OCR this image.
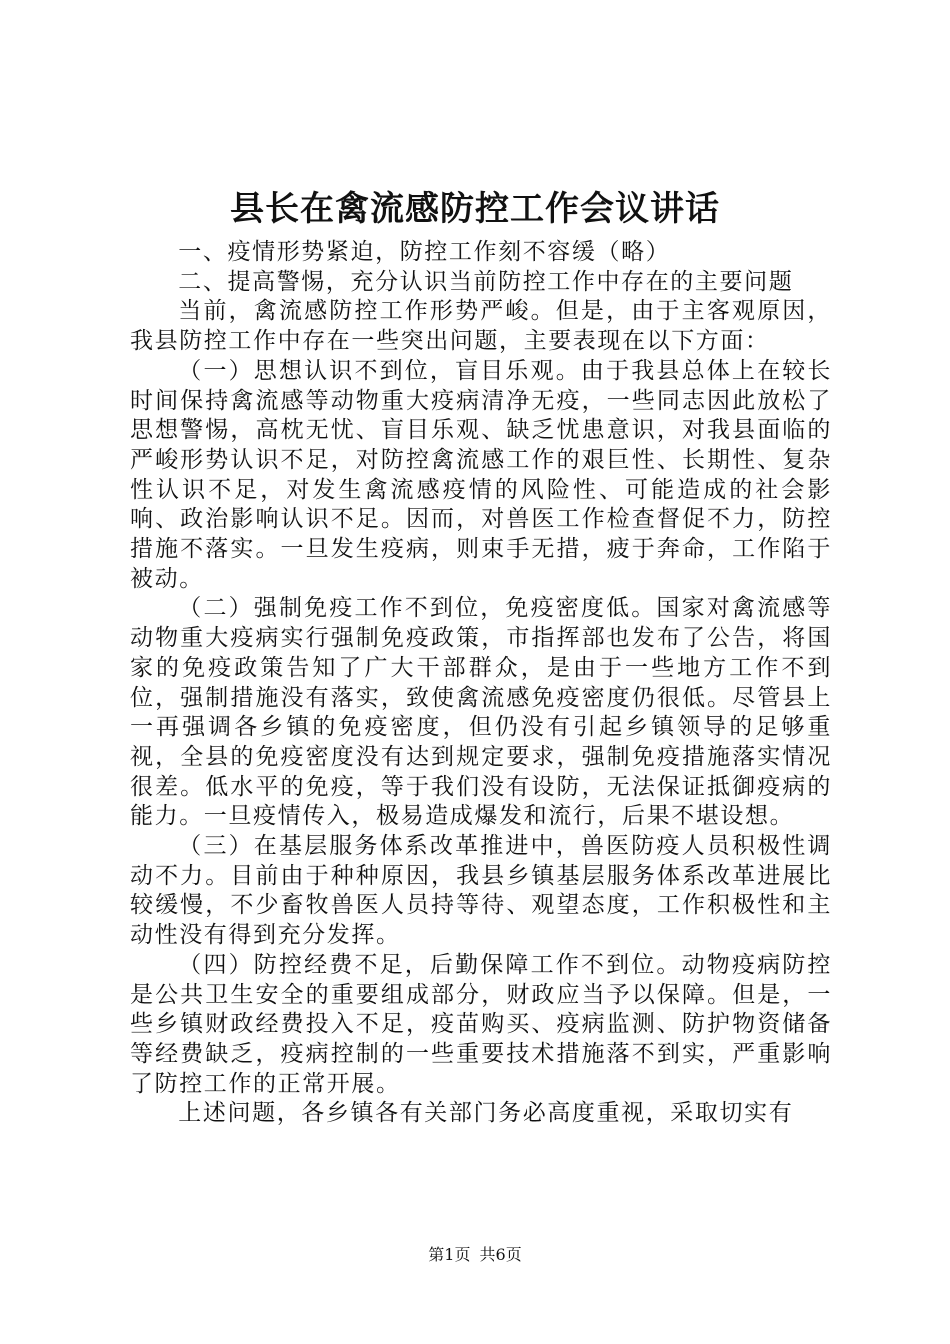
县长在禽流感防控工作会议讲话

一、疫情形势紧迫，防控工作刻不容缓（略）

二、提高警惕，充分认识当前防控工作中存在的主要问题

当前，禽流感防控工作形势严峻。但是，由于主客观原因，我县防控工作中存在一些突出问题，主要表现在以下方面：

（一）思想认识不到位，盲目乐观。由于我县总体上在较长时间保持禽流感等动物重大疫病清净无疫，一些同志因此放松了思想警惕，高枕无忧、盲目乐观、缺乏忧患意识，对我县面临的严峻形势认识不足，对防控禽流感工作的艰巨性、长期性、复杂性认识不足，对发生禽流感疫情的风险性、可能造成的社会影响、政治影响认识不足。因而，对兽医工作检查督促不力，防控措施不落实。一旦发生疫病，则束手无措，疲于奔命，工作陷于被动。

（二）强制免疫工作不到位，免疫密度低。国家对禽流感等动物重大疫病实行强制免疫政策，市指挥部也发布了公告，将国家的免疫政策告知了广大干部群众，是由于一些地方工作不到位，强制措施没有落实，致使禽流感免疫密度仍很低。尽管县上一再强调各乡镇的免疫密度，但仍没有引起乡镇领导的足够重视，全县的免疫密度没有达到规定要求，强制免疫措施落实情况很差。低水平的免疫，等于我们没有设防，无法保证抵御疫病的能力。一旦疫情传入，极易造成爆发和流行，后果不堪设想。

（三）在基层服务体系改革推进中，兽医防疫人员积极性调动不力。目前由于种种原因，我县乡镇基层服务体系改革进展比较缓慢，不少畜牧兽医人员持等待、观望态度，工作积极性和主动性没有得到充分发挥。

（四）防控经费不足，后勤保障工作不到位。动物疫病防控是公共卫生安全的重要组成部分，财政应当予以保障。但是，一些乡镇财政经费投入不足，疫苗购买、疫病监测、防护物资储备等经费缺乏，疫病控制的一些重要技术措施落不到实，严重影响了防控工作的正常开展。

上述问题，各乡镇各有关部门务必高度重视，采取切实有

第1页 共6页
